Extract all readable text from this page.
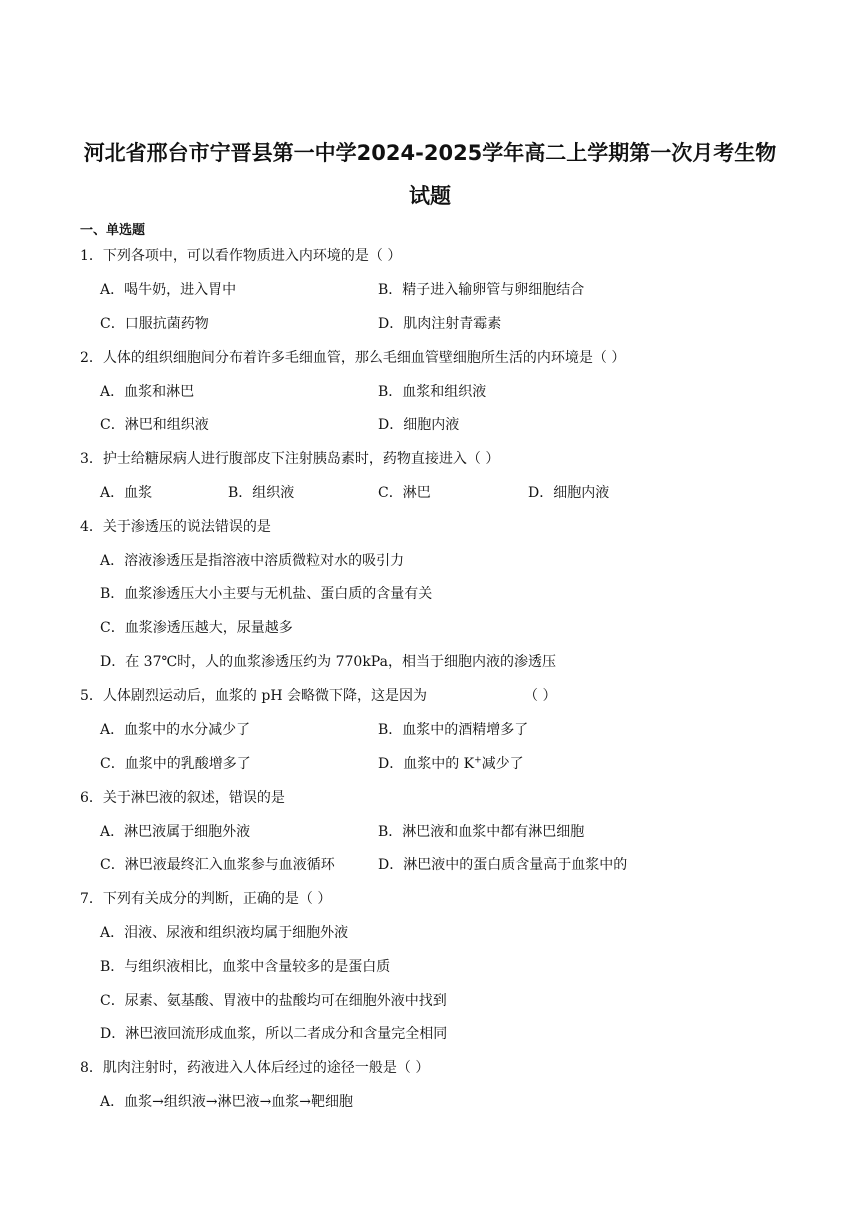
河北省邢台市宁晋县第一中学2024-2025学年高二上学期第一次月考生物
试题
一、单选题
1．下列各项中，可以看作物质进入内环境的是（ ）
A．喝牛奶，进入胃中	B．精子进入输卵管与卵细胞结合
C．口服抗菌药物	D．肌肉注射青霉素
2．人体的组织细胞间分布着许多毛细血管，那么毛细血管壁细胞所生活的内环境是（ ）
A．血浆和淋巴	B．血浆和组织液
C．淋巴和组织液	D．细胞内液
3．护士给糖尿病人进行腹部皮下注射胰岛素时，药物直接进入（ ）
A．血浆	B．组织液	C．淋巴	D．细胞内液
4．关于渗透压的说法错误的是
A．溶液渗透压是指溶液中溶质微粒对水的吸引力
B．血浆渗透压大小主要与无机盐、蛋白质的含量有关
C．血浆渗透压越大，尿量越多
D．在 37℃时，人的血浆渗透压约为 770kPa，相当于细胞内液的渗透压
5．人体剧烈运动后，血浆的 pH 会略微下降，这是因为	（ ）
A．血浆中的水分减少了	B．血浆中的酒精增多了
C．血浆中的乳酸增多了	D．血浆中的 K+减少了
6．关于淋巴液的叙述，错误的是
A．淋巴液属于细胞外液	B．淋巴液和血浆中都有淋巴细胞
C．淋巴液最终汇入血浆参与血液循环	D．淋巴液中的蛋白质含量高于血浆中的
7．下列有关成分的判断，正确的是（ ）
A．泪液、尿液和组织液均属于细胞外液
B．与组织液相比，血浆中含量较多的是蛋白质
C．尿素、氨基酸、胃液中的盐酸均可在细胞外液中找到
D．淋巴液回流形成血浆，所以二者成分和含量完全相同
8．肌肉注射时，药液进入人体后经过的途径一般是（ ）
A．血浆→组织液→淋巴液→血浆→靶细胞
